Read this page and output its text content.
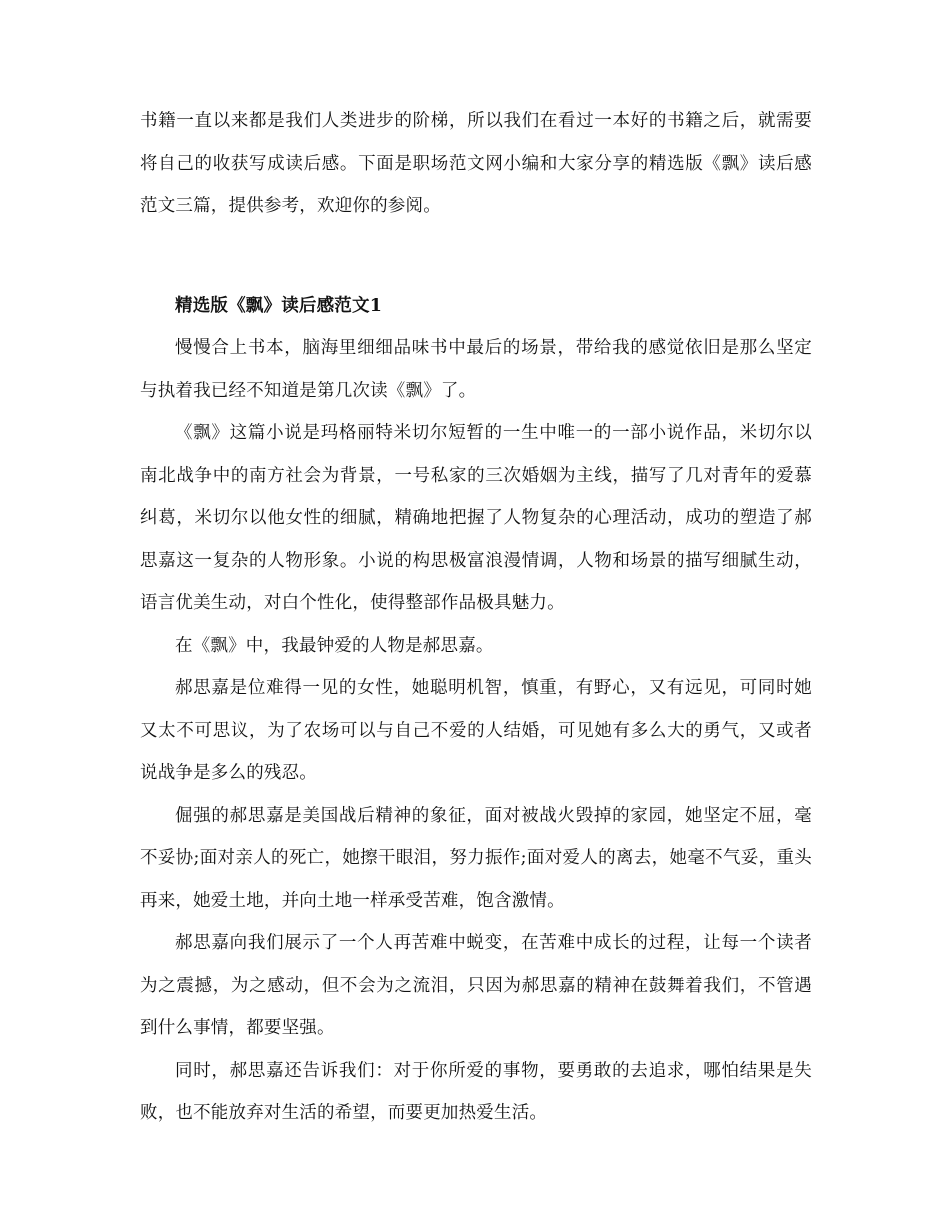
书籍一直以来都是我们人类进步的阶梯，所以我们在看过一本好的书籍之后，就需要将自己的收获写成读后感。下面是职场范文网小编和大家分享的精选版《飘》读后感范文三篇，提供参考，欢迎你的参阅。

精选版《飘》读后感范文1

慢慢合上书本，脑海里细细品味书中最后的场景，带给我的感觉依旧是那么坚定与执着我已经不知道是第几次读《飘》了。

《飘》这篇小说是玛格丽特米切尔短暂的一生中唯一的一部小说作品，米切尔以南北战争中的南方社会为背景，一号私家的三次婚姻为主线，描写了几对青年的爱慕纠葛，米切尔以他女性的细腻，精确地把握了人物复杂的心理活动，成功的塑造了郝思嘉这一复杂的人物形象。小说的构思极富浪漫情调，人物和场景的描写细腻生动，语言优美生动，对白个性化，使得整部作品极具魅力。

在《飘》中，我最钟爱的人物是郝思嘉。

郝思嘉是位难得一见的女性，她聪明机智，慎重，有野心，又有远见，可同时她又太不可思议，为了农场可以与自己不爱的人结婚，可见她有多么大的勇气，又或者说战争是多么的残忍。

倔强的郝思嘉是美国战后精神的象征，面对被战火毁掉的家园，她坚定不屈，毫不妥协;面对亲人的死亡，她擦干眼泪，努力振作;面对爱人的离去，她毫不气妥，重头再来，她爱土地，并向土地一样承受苦难，饱含激情。

郝思嘉向我们展示了一个人再苦难中蜕变，在苦难中成长的过程，让每一个读者为之震撼，为之感动，但不会为之流泪，只因为郝思嘉的精神在鼓舞着我们，不管遇到什么事情，都要坚强。

同时，郝思嘉还告诉我们：对于你所爱的事物，要勇敢的去追求，哪怕结果是失败，也不能放弃对生活的希望，而要更加热爱生活。
